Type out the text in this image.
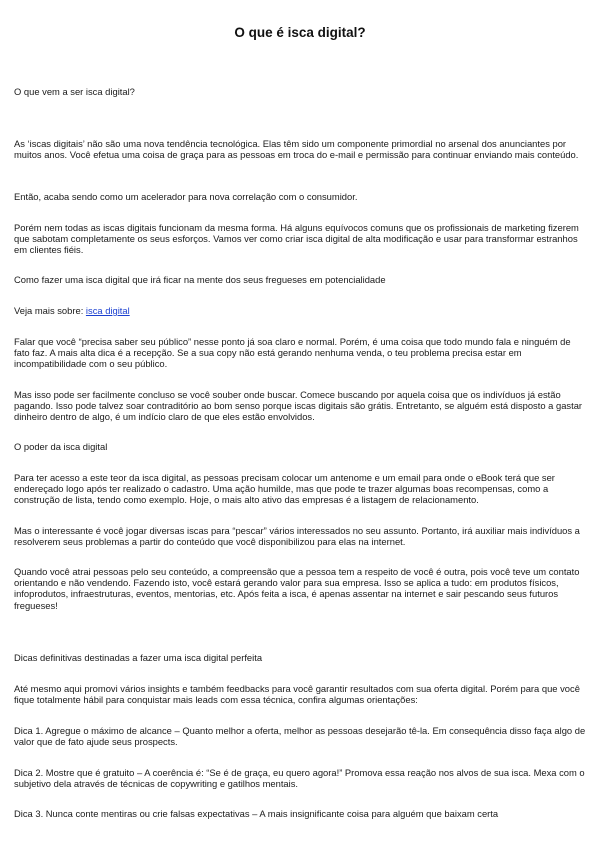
O que é isca digital?

O que vem a ser isca digital?

As ‘iscas digitais’ não são uma nova tendência tecnológica. Elas têm sido um componente primordial no arsenal dos anunciantes por muitos anos. Você efetua uma coisa de graça para as pessoas em troca do e-mail e permissão para continuar enviando mais conteúdo.

Então, acaba sendo como um acelerador para nova correlação com o consumidor.

Porém nem todas as iscas digitais funcionam da mesma forma. Há alguns equívocos comuns que os profissionais de marketing fizerem que sabotam completamente os seus esforços. Vamos ver como criar isca digital de alta modificação e usar para transformar estranhos em clientes fiéis.

Como fazer uma isca digital que irá ficar na mente dos seus fregueses em potencialidade

Veja mais sobre: isca digital

Falar que você “precisa saber seu público” nesse ponto já soa claro e normal. Porém, é uma coisa que todo mundo fala e ninguém de fato faz. A mais alta dica é a recepção. Se a sua copy não está gerando nenhuma venda, o teu problema precisa estar em incompatibilidade com o seu público.

Mas isso pode ser facilmente concluso se você souber onde buscar. Comece buscando por aquela coisa que os indivíduos já estão pagando. Isso pode talvez soar contraditório ao bom senso porque iscas digitais são grátis. Entretanto, se alguém está disposto a gastar dinheiro dentro de algo, é um indício claro de que eles estão envolvidos.

O poder da isca digital

Para ter acesso a este teor da isca digital, as pessoas precisam colocar um antenome e um email para onde o eBook terá que ser endereçado logo após ter realizado o cadastro. Uma ação humilde, mas que pode te trazer algumas boas recompensas, como a construção de lista, tendo como exemplo. Hoje, o mais alto ativo das empresas é a listagem de relacionamento.

Mas o interessante é você jogar diversas iscas para “pescar” vários interessados no seu assunto. Portanto, irá auxiliar mais indivíduos a resolverem seus problemas a partir do conteúdo que você disponibilizou para elas na internet.

Quando você atrai pessoas pelo seu conteúdo, a compreensão que a pessoa tem a respeito de você é outra, pois você teve um contato orientando e não vendendo. Fazendo isto, você estará gerando valor para sua empresa. Isso se aplica a tudo: em produtos físicos, infoprodutos, infraestruturas, eventos, mentorias, etc. Após feita a isca, é apenas assentar na internet e sair pescando seus futuros fregueses!

Dicas definitivas destinadas a fazer uma isca digital perfeita

Até mesmo aqui promovi vários insights e também feedbacks para você garantir resultados com sua oferta digital. Porém para que você fique totalmente hábil para conquistar mais leads com essa técnica, confira algumas orientações:

Dica 1. Agregue o máximo de alcance – Quanto melhor a oferta, melhor as pessoas desejarão tê-la. Em consequência disso faça algo de valor que de fato ajude seus prospects.

Dica 2. Mostre que é gratuito – A coerência é: “Se é de graça, eu quero agora!” Promova essa reação nos alvos de sua isca. Mexa com o subjetivo dela através de técnicas de copywriting e gatilhos mentais.

Dica 3. Nunca conte mentiras ou crie falsas expectativas – A mais insignificante coisa para alguém que baixam certa
